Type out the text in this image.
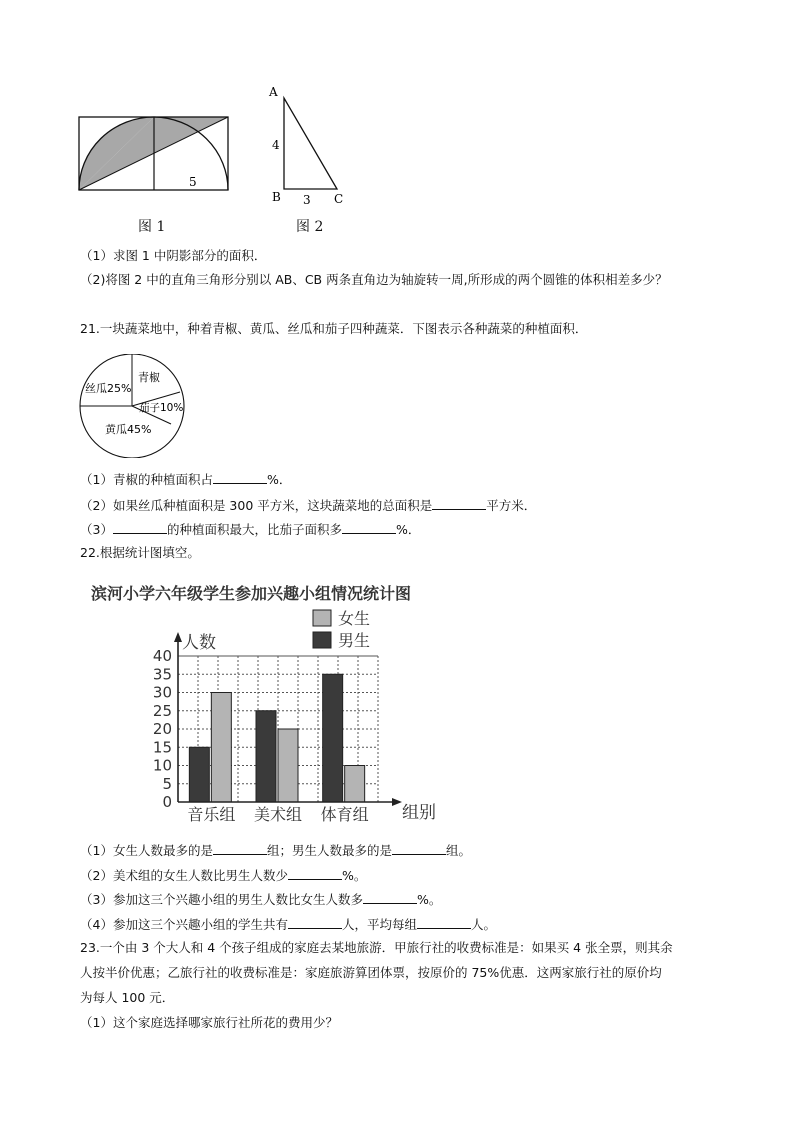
5
图 1
A
B	C
4
3
图 2
（1）求图 1 中阴影部分的面积．
（2)将图 2 中的直角三角形分别以 AB、CB 两条直角边为轴旋转一周,所形成的两个圆锥的体积相差多少？
21.一块蔬菜地中，种着青椒、黄瓜、丝瓜和茄子四种蔬菜．下图表示各种蔬菜的种植面积．
丝瓜25%
青椒
茄子10%
黄瓜45%
（1）青椒的种植面积占	%．
（2）如果丝瓜种植面积是 300 平方米，这块蔬菜地的总面积是	平方米．
（3）	的种植面积最大，比茄子面积多	%．
22.根据统计图填空。
滨河小学六年级学生参加兴趣小组情况统计图
女生
男生
0
5
10
15
20
25
30
35
40
人数
组别
音乐组 美术组 体育组
（1）女生人数最多的是	组；男生人数最多的是	组。
（2）美术组的女生人数比男生人数少	%。
（3）参加这三个兴趣小组的男生人数比女生人数多	%。
（4）参加这三个兴趣小组的学生共有	人，平均每组	人。
23.一个由 3 个大人和 4 个孩子组成的家庭去某地旅游．甲旅行社的收费标准是：如果买 4 张全票，则其余
人按半价优惠；乙旅行社的收费标准是：家庭旅游算团体票，按原价的 75%优惠．这两家旅行社的原价均
为每人 100 元．
（1）这个家庭选择哪家旅行社所花的费用少？
